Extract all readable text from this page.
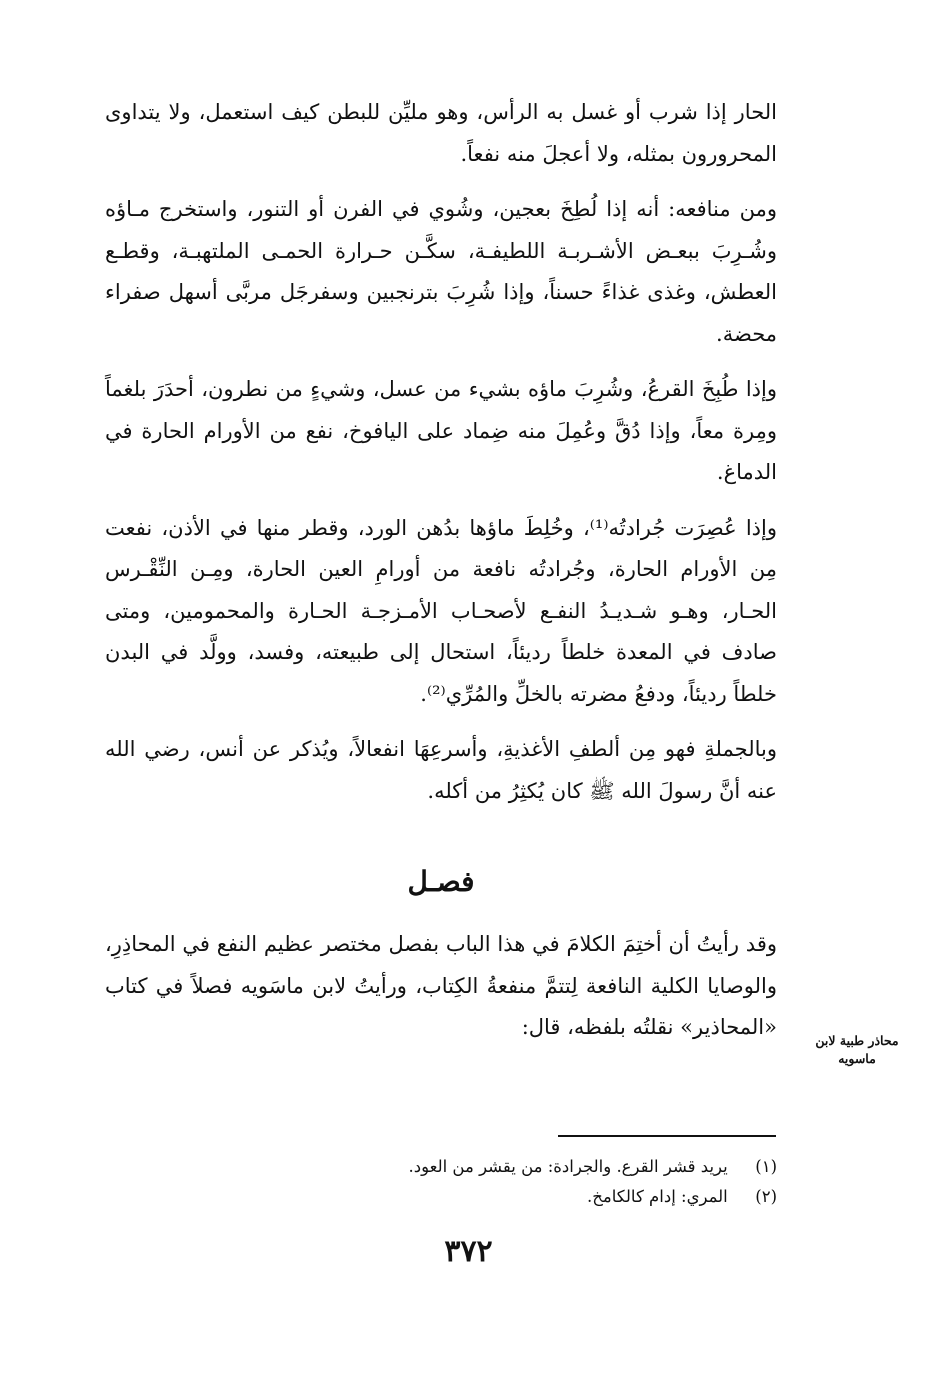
الحار إذا شرب أو غسل به الرأس، وهو مليِّن للبطن كيف استعمل، ولا يتداوى المحرورون بمثله، ولا أعجلَ منه نفعاً.

ومن منافعه: أنه إذا لُطِخَ بعجين، وشُوي في الفرن أو التنور، واستخرج مـاؤه وشُـرِبَ ببعـض الأشـربـة اللطيفـة، سكَّـن حـرارة الحمـى الملتهبـة، وقطـع العطش، وغذى غذاءً حسناً، وإذا شُرِبَ بترنجبين وسفرجَل مربَّى أسهل صفراء محضة.

وإذا طُبِخَ القرعُ، وشُرِبَ ماؤه بشيء من عسل، وشيءٍ من نطرون، أحدَرَ بلغماً ومِرة معاً، وإذا دُقَّ وعُمِلَ منه ضِماد على اليافوخ، نفع من الأورام الحارة في الدماغ.

وإذا عُصِرَت جُرادتُه⁽¹⁾، وخُلِطَ ماؤها بدُهن الورد، وقطر منها في الأذن، نفعت مِن الأورام الحارة، وجُرادتُه نافعة من أورامِ العين الحارة، ومِـن النِّقْـرس الحـار، وهـو شـديـدُ النفـع لأصحـاب الأمـزجـة الحـارة والمحمومين، ومتى صادف في المعدة خلطاً رديئاً، استحال إلى طبيعته، وفسد، وولَّد في البدن خلطاً رديئاً، ودفعُ مضرته بالخلِّ والمُرِّي⁽²⁾.

وبالجملةِ فهو مِن ألطفِ الأغذيةِ، وأسرعِهَا انفعالاً، ويُذكر عن أنس، رضي الله عنه أنَّ رسولَ الله ﷺ كان يُكثِرُ من أكله.

فصـل

وقد رأيتُ أن أختِمَ الكلامَ في هذا الباب بفصل مختصر عظيم النفع في المحاذِرِ، والوصايا الكلية النافعة لِتتمَّ منفعةُ الكِتاب، ورأيتُ لابن ماسَويه فصلاً في كتاب «المحاذير» نقلتُه بلفظه، قال:

محاذر طبية لابن ماسويه
(١) يريد قشر القرع. والجرادة: من يقشر من العود.
(٢) المري: إدام كالكامخ.
٣٧٢
